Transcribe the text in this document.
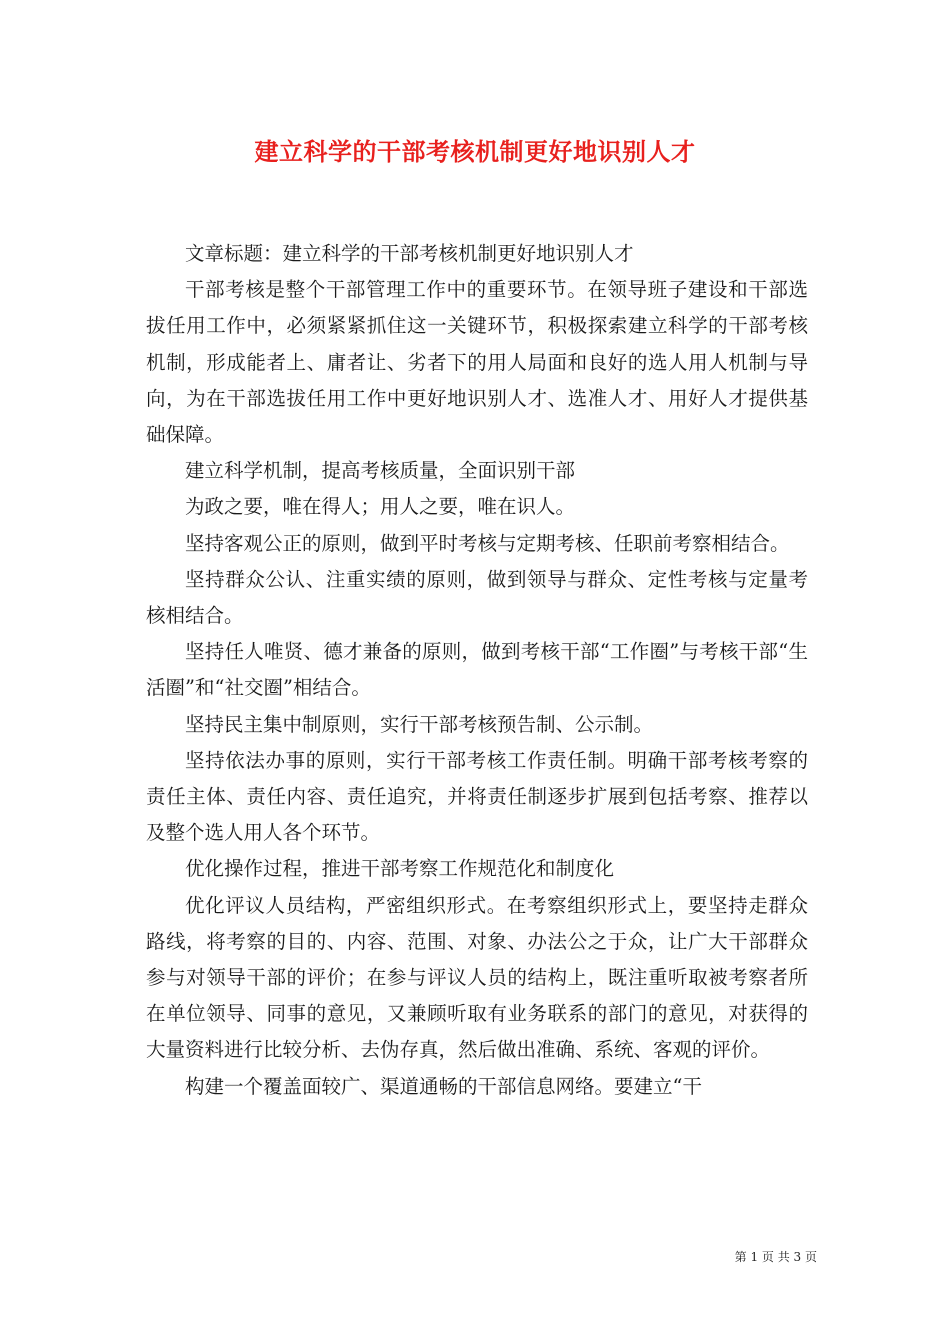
建立科学的干部考核机制更好地识别人才

文章标题：建立科学的干部考核机制更好地识别人才

干部考核是整个干部管理工作中的重要环节。在领导班子建设和干部选拔任用工作中，必须紧紧抓住这一关键环节，积极探索建立科学的干部考核机制，形成能者上、庸者让、劣者下的用人局面和良好的选人用人机制与导向，为在干部选拔任用工作中更好地识别人才、选准人才、用好人才提供基础保障。

建立科学机制，提高考核质量，全面识别干部

为政之要，唯在得人；用人之要，唯在识人。

坚持客观公正的原则，做到平时考核与定期考核、任职前考察相结合。

坚持群众公认、注重实绩的原则，做到领导与群众、定性考核与定量考核相结合。

坚持任人唯贤、德才兼备的原则，做到考核干部“工作圈”与考核干部“生活圈”和“社交圈”相结合。

坚持民主集中制原则，实行干部考核预告制、公示制。

坚持依法办事的原则，实行干部考核工作责任制。明确干部考核考察的责任主体、责任内容、责任追究，并将责任制逐步扩展到包括考察、推荐以及整个选人用人各个环节。

优化操作过程，推进干部考察工作规范化和制度化

优化评议人员结构，严密组织形式。在考察组织形式上，要坚持走群众路线，将考察的目的、内容、范围、对象、办法公之于众，让广大干部群众参与对领导干部的评价；在参与评议人员的结构上，既注重听取被考察者所在单位领导、同事的意见，又兼顾听取有业务联系的部门的意见，对获得的大量资料进行比较分析、去伪存真，然后做出准确、系统、客观的评价。

构建一个覆盖面较广、渠道通畅的干部信息网络。要建立“干

第 1 页 共 3 页
